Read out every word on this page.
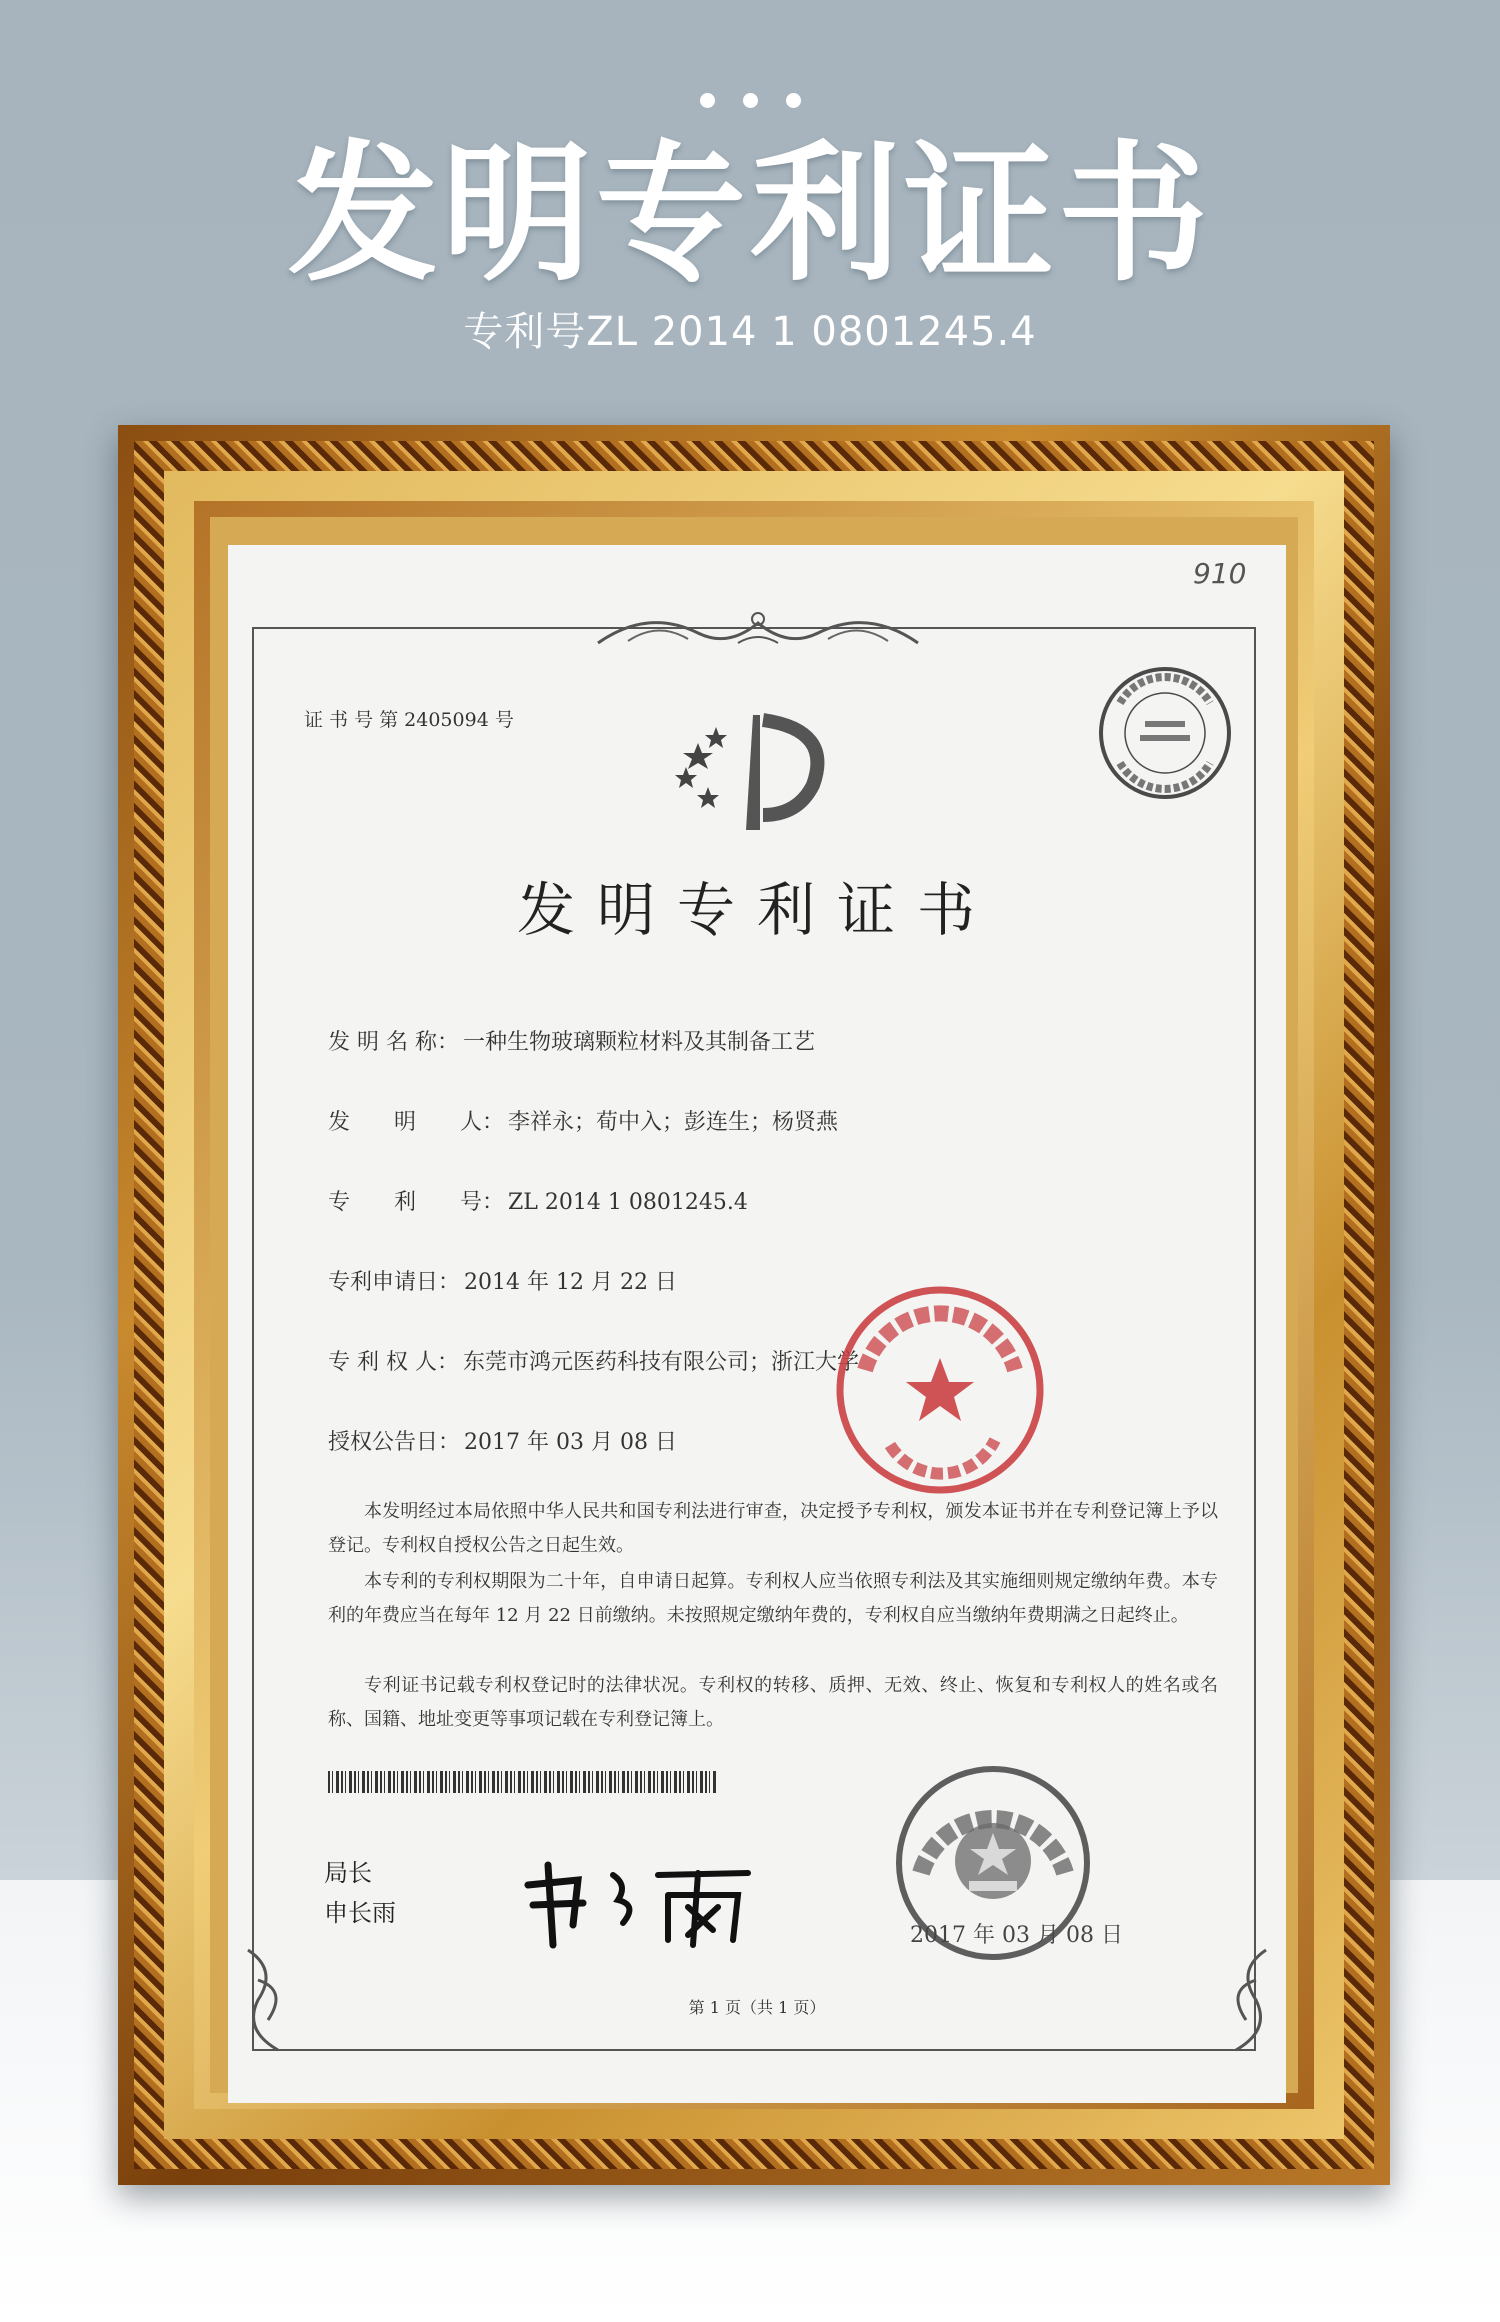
发明专利证书
专利号ZL 2014 1 0801245.4
910
证 书 号 第 2405094 号
发明专利证书
发 明 名 称： 一种生物玻璃颗粒材料及其制备工艺
发　　明　　人： 李祥永；荀中入；彭连生；杨贤燕
专　　利　　号： ZL 2014 1 0801245.4
专利申请日： 2014 年 12 月 22 日
专 利 权 人： 东莞市鸿元医药科技有限公司；浙江大学
授权公告日： 2017 年 03 月 08 日
本发明经过本局依照中华人民共和国专利法进行审查，决定授予专利权，颁发本证书并在专利登记簿上予以登记。专利权自授权公告之日起生效。
本专利的专利权期限为二十年，自申请日起算。专利权人应当依照专利法及其实施细则规定缴纳年费。本专利的年费应当在每年 12 月 22 日前缴纳。未按照规定缴纳年费的，专利权自应当缴纳年费期满之日起终止。
专利证书记载专利权登记时的法律状况。专利权的转移、质押、无效、终止、恢复和专利权人的姓名或名称、国籍、地址变更等事项记载在专利登记簿上。
局长
申长雨
2017 年 03 月 08 日
第 1 页（共 1 页）
